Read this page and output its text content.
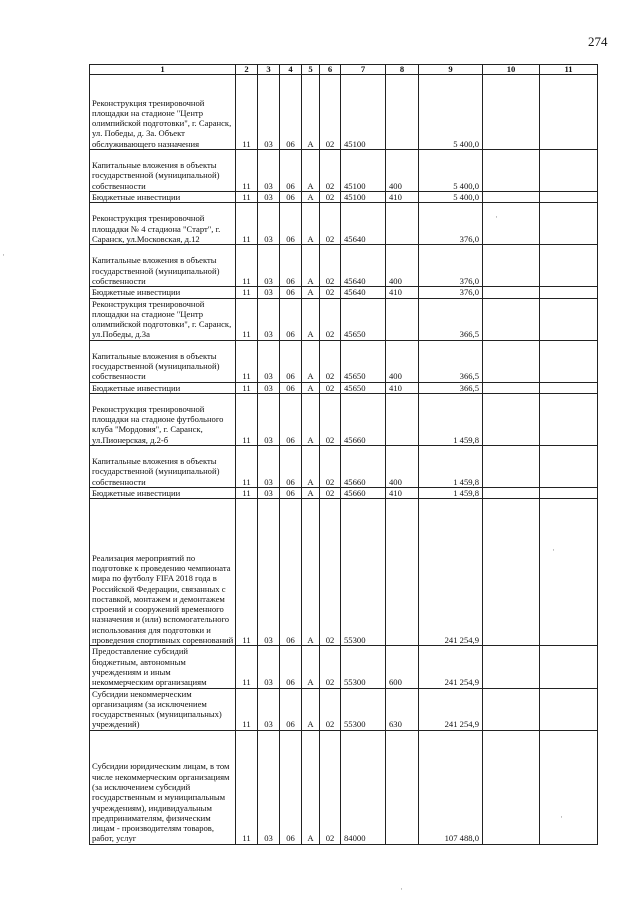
274
1	2	3	4	5	6	7	8	9	10	11
Реконструкция тренировочной площадки на стадионе "Центр олимпийской подготовки", г. Саранск, ул. Победы, д. 3а. Объект обслуживающего назначения	11	03	06	А	02	45100		5 400,0		
Капитальные вложения в объекты государственной (муниципальной) собственности	11	03	06	А	02	45100	400	5 400,0		
Бюджетные инвестиции	11	03	06	А	02	45100	410	5 400,0		
Реконструкция тренировочной площадки № 4 стадиона "Старт", г. Саранск, ул.Московская, д.12	11	03	06	А	02	45640		376,0		
Капитальные вложения в объекты государственной (муниципальной) собственности	11	03	06	А	02	45640	400	376,0		
Бюджетные инвестиции	11	03	06	А	02	45640	410	376,0		
Реконструкция тренировочной площадки на стадионе "Центр олимпийской подготовки", г. Саранск, ул.Победы, д.3а	11	03	06	А	02	45650		366,5		
Капитальные вложения в объекты государственной (муниципальной) собственности	11	03	06	А	02	45650	400	366,5		
Бюджетные инвестиции	11	03	06	А	02	45650	410	366,5		
Реконструкция тренировочной площадки на стадионе футбольного клуба "Мордовия", г. Саранск, ул.Пионерская, д.2-б	11	03	06	А	02	45660		1 459,8		
Капитальные вложения в объекты государственной (муниципальной) собственности	11	03	06	А	02	45660	400	1 459,8		
Бюджетные инвестиции	11	03	06	А	02	45660	410	1 459,8		
Реализация мероприятий по подготовке к проведению чемпионата мира по футболу FIFA 2018 года в Российской Федерации, связанных с поставкой, монтажем и демонтажем строений и сооружений временного назначения и (или) вспомогательного использования для подготовки и проведения спортивных соревнований	11	03	06	А	02	55300		241 254,9		
Предоставление субсидий бюджетным, автономным учреждениям и иным некоммерческим организациям	11	03	06	А	02	55300	600	241 254,9		
Субсидии некоммерческим организациям (за исключением государственных (муниципальных) учреждений)	11	03	06	А	02	55300	630	241 254,9		
Субсидии юридическим лицам, в том числе некоммерческим организациям (за исключением субсидий государственным и муниципальным учреждениям), индивидуальным предпринимателям, физическим лицам - производителям товаров, работ, услуг	11	03	06	А	02	84000		107 488,0		
·
·
·
·
·
